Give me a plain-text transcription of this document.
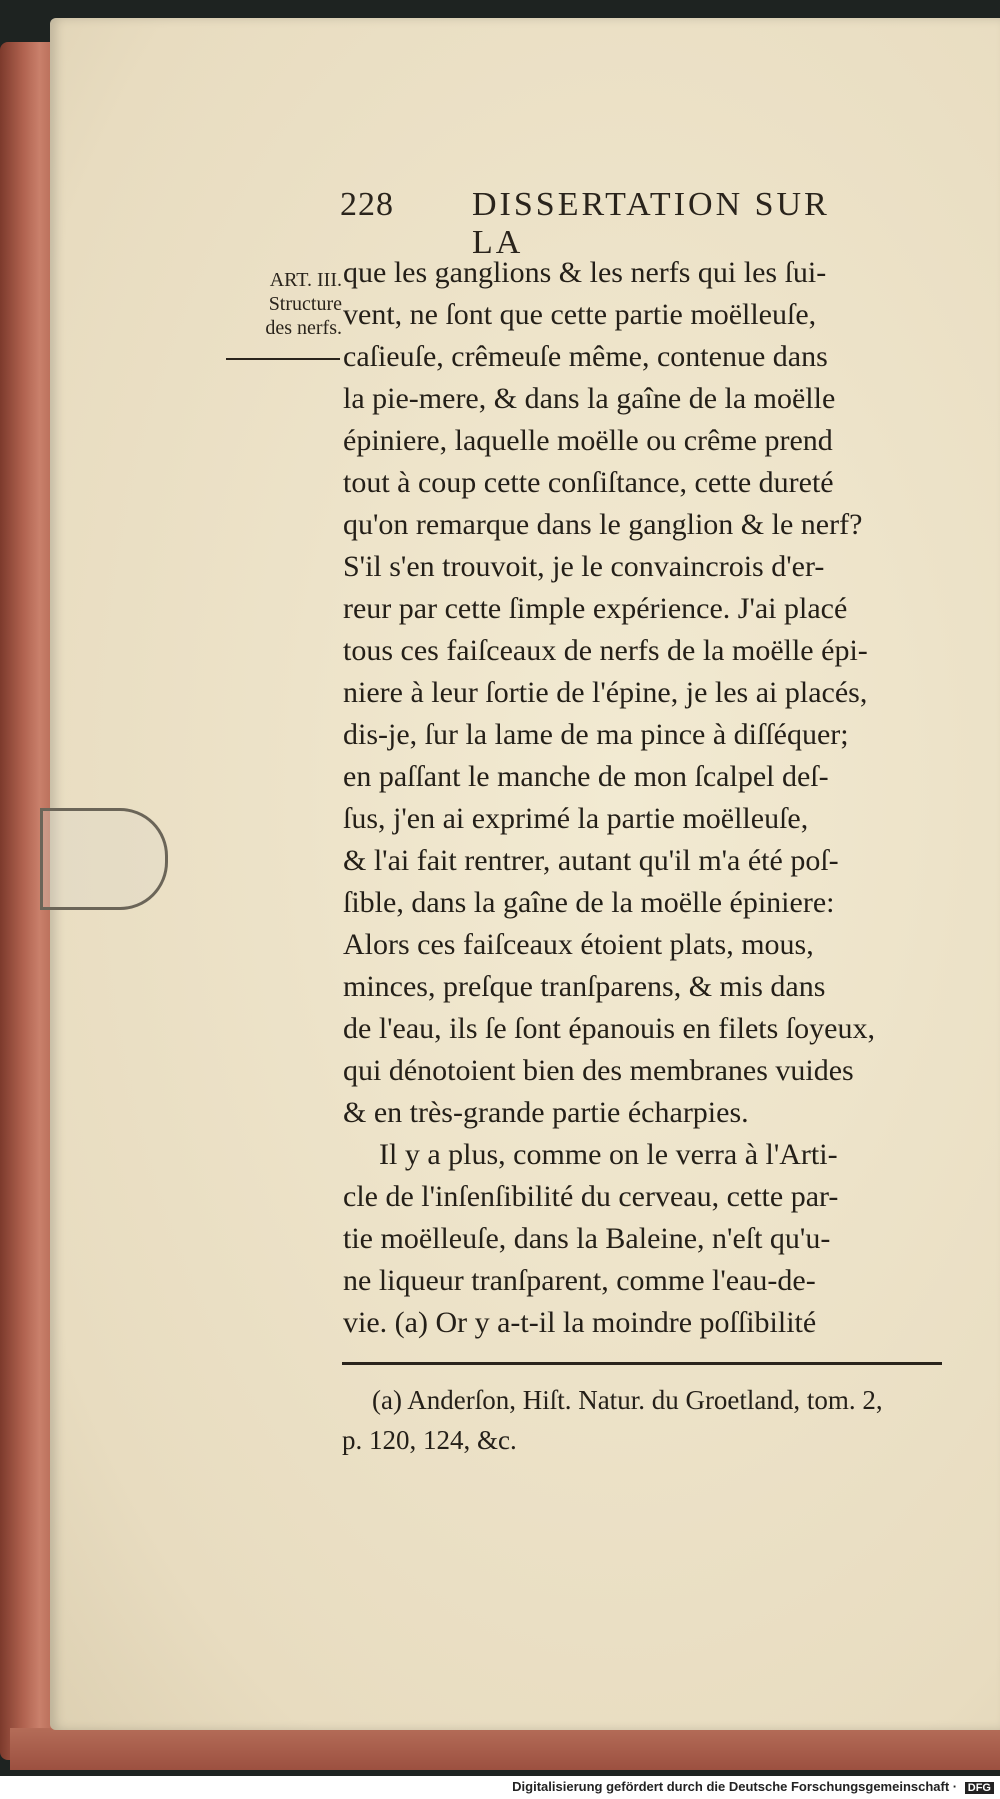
228 DISSERTATION SUR LA
ART. III.
Structure
des nerfs.
que les ganglions & les nerfs qui les ſui-
vent, ne ſont que cette partie moëlleuſe,
caſieuſe, crêmeuſe même, contenue dans
la pie-mere, & dans la gaîne de la moëlle
épiniere, laquelle moëlle ou crême prend
tout à coup cette conſiſtance, cette dureté
qu'on remarque dans le ganglion & le nerf?
S'il s'en trouvoit, je le convaincrois d'er-
reur par cette ſimple expérience. J'ai placé
tous ces faiſceaux de nerfs de la moëlle épi-
niere à leur ſortie de l'épine, je les ai placés,
dis-je, ſur la lame de ma pince à diſſéquer;
en paſſant le manche de mon ſcalpel deſ-
ſus, j'en ai exprimé la partie moëlleuſe,
& l'ai fait rentrer, autant qu'il m'a été poſ-
ſible, dans la gaîne de la moëlle épiniere:
Alors ces faiſceaux étoient plats, mous,
minces, preſque tranſparens, & mis dans
de l'eau, ils ſe ſont épanouis en filets ſoyeux,
qui dénotoient bien des membranes vuides
& en très-grande partie écharpies.
Il y a plus, comme on le verra à l'Arti-
cle de l'inſenſibilité du cerveau, cette par-
tie moëlleuſe, dans la Baleine, n'eſt qu'u-
ne liqueur tranſparent, comme l'eau-de-
vie. (a) Or y a-t-il la moindre poſſibilité
(a) Anderſon, Hiſt. Natur. du Groetland, tom. 2,
p. 120, 124, &c.
Digitalisierung gefördert durch die Deutsche Forschungsgemeinschaft · DFG
